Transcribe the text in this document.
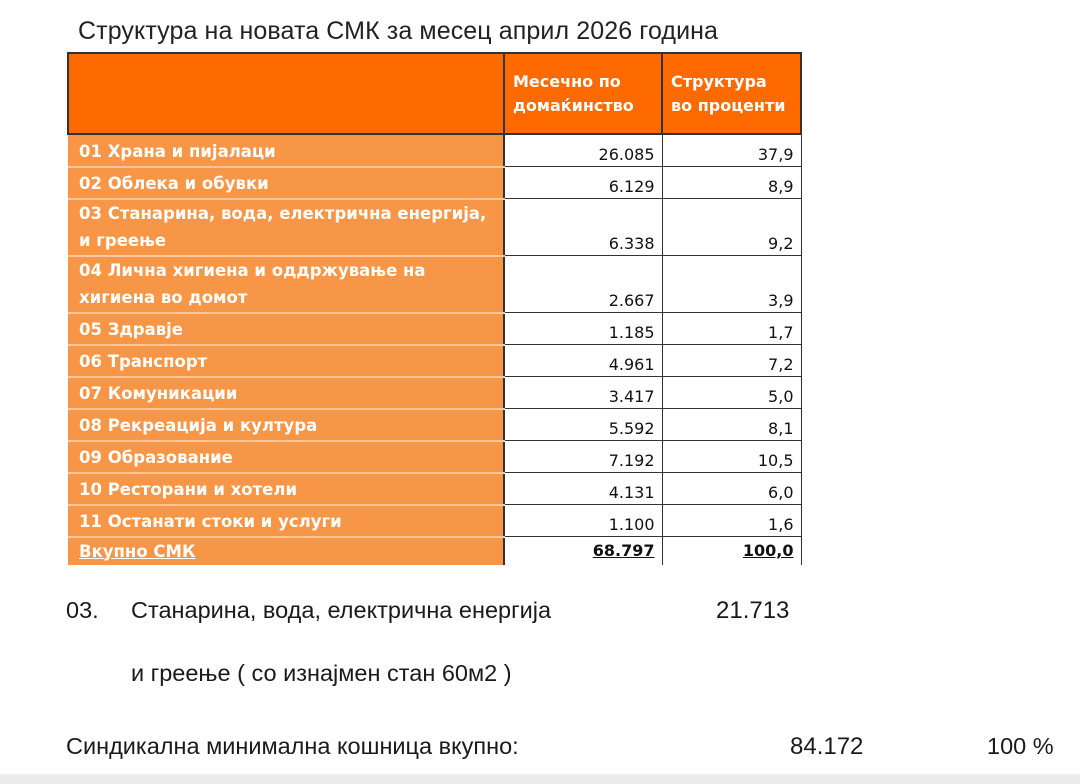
Структура на новата СМК за месец април 2026 година
	Месечно по домаќинство	Структура во проценти
01 Храна и пијалаци	26.085	37,9
02 Облека и обувки	6.129	8,9
03 Станарина, вода, електрична енергија, и греење	6.338	9,2
04 Лична хигиена и оддржување на хигиена во домот	2.667	3,9
05 Здравје	1.185	1,7
06 Транспорт	4.961	7,2
07 Комуникации	3.417	5,0
08 Рекреација и култура	5.592	8,1
09 Образование	7.192	10,5
10 Ресторани и хотели	4.131	6,0
11 Останати стоки и услуги	1.100	1,6
Вкупно СМК	68.797	100,0
03. Станарина, вода, електрична енергија	21.713
и греење ( со изнајмен стан 60м2 )
Синдикална минимална кошница вкупно:	84.172	100 %
